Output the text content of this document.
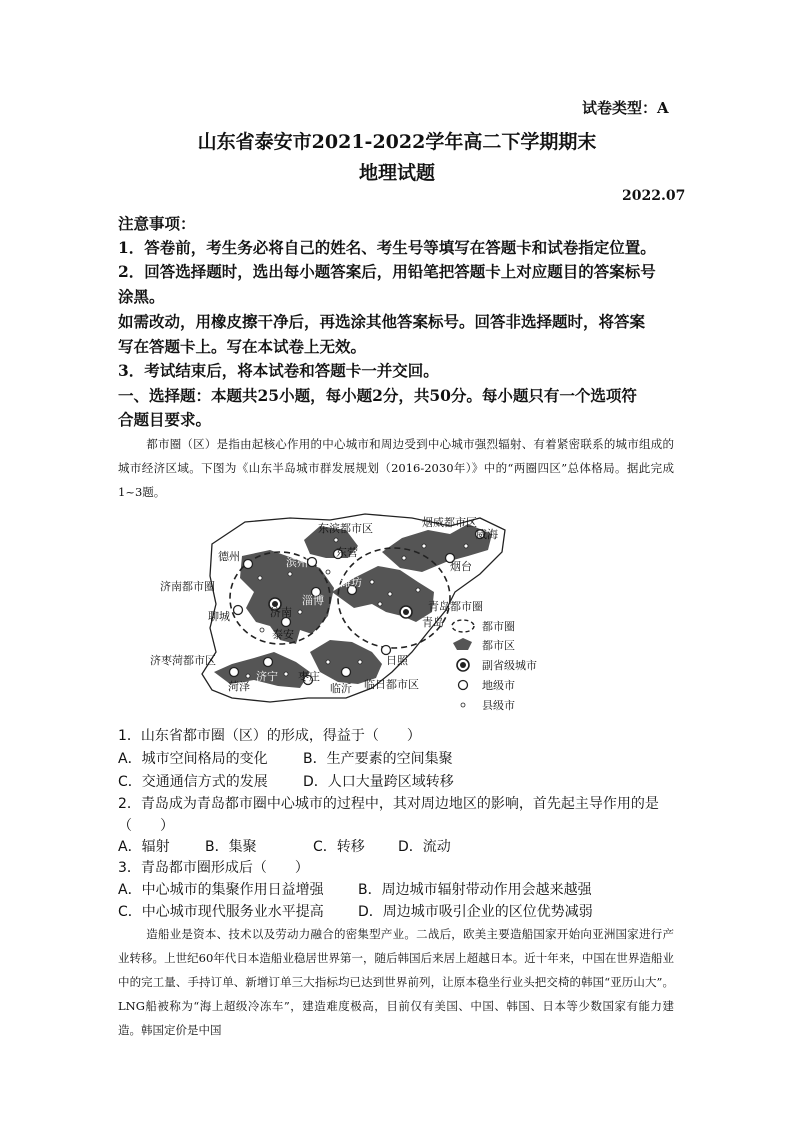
试卷类型：A
山东省泰安市2021-2022学年高二下学期期末
地理试题
2022.07
注意事项：
1．答卷前，考生务必将自己的姓名、考生号等填写在答题卡和试卷指定位置。
2．回答选择题时，选出每小题答案后，用铅笔把答题卡上对应题目的答案标号
涂黑。
如需改动，用橡皮擦干净后，再选涂其他答案标号。回答非选择题时，将答案
写在答题卡上。写在本试卷上无效。
3．考试结束后，将本试卷和答题卡一并交回。
一、选择题：本题共25小题，每小题2分，共50分。每小题只有一个选项符
合题目要求。
都市圈（区）是指由起核心作用的中心城市和周边受到中心城市强烈辐射、有着紧密联系的城市组成的城市经济区域。下图为《山东半岛城市群发展规划（2016-2030年）》中的“两圈四区”总体格局。据此完成1~3题。
东滨都市区	烟威都市区
威海
烟台
德州	滨州
东营
潍坊
淄博
济南都市圈
济南
聊城
泰安
青岛都市圈
青岛
济枣菏都市区	日照
菏泽
济宁 枣庄
临沂 临日都市区
都市圈
都市区
副省级城市
地级市
县级市
1．山东省都市圈（区）的形成，得益于（　　）
A．城市空间格局的变化	B．生产要素的空间集聚
C．交通通信方式的发展	D．人口大量跨区域转移
2．青岛成为青岛都市圈中心城市的过程中，其对周边地区的影响，首先起主导作用的是
（　　）
A．辐射	B．集聚	C．转移 D．流动
3．青岛都市圈形成后（　　）
A．中心城市的集聚作用日益增强 B．周边城市辐射带动作用会越来越强
C．中心城市现代服务业水平提高 D．周边城市吸引企业的区位优势减弱
造船业是资本、技术以及劳动力融合的密集型产业。二战后，欧美主要造船国家开始向亚洲国家进行产业转移。上世纪60年代日本造船业稳居世界第一，随后韩国后来居上超越日本。近十年来，中国在世界造船业中的完工量、手持订单、新增订单三大指标均已达到世界前列，让原本稳坐行业头把交椅的韩国“亚历山大”。LNG船被称为“海上超级冷冻车”，建造难度极高，目前仅有美国、中国、韩国、日本等少数国家有能力建造。韩国定价是中国
